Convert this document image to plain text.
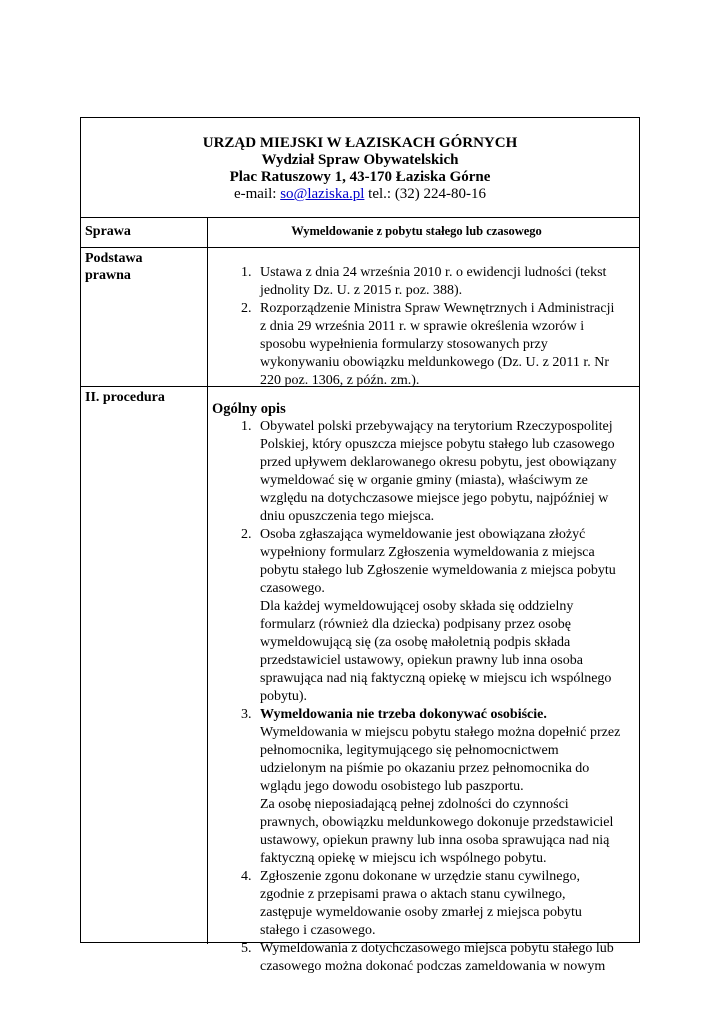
URZĄD MIEJSKI W ŁAZISKACH GÓRNYCH
Wydział Spraw Obywatelskich
Plac Ratuszowy 1, 43-170 Łaziska Górne
e-mail: so@laziska.pl tel.: (32) 224-80-16
Sprawa	Wymeldowanie z pobytu stałego lub czasowego
Podstawa
prawna
1.	Ustawa z dnia 24 września 2010 r. o ewidencji ludności (tekst jednolity Dz. U. z 2015 r. poz. 388).
2. Rozporządzenie Ministra Spraw Wewnętrznych i Administracji z dnia 29 września 2011 r. w sprawie określenia wzorów i sposobu wypełnienia formularzy stosowanych przy wykonywaniu obowiązku meldunkowego (Dz. U. z 2011 r. Nr 220 poz. 1306, z późn. zm.).
II. procedura
Ogólny opis
1. Obywatel polski przebywający na terytorium Rzeczypospolitej Polskiej, który opuszcza miejsce pobytu stałego lub czasowego przed upływem deklarowanego okresu pobytu, jest obowiązany wymeldować się w organie gminy (miasta), właściwym ze względu na dotychczasowe miejsce jego pobytu, najpóźniej w dniu opuszczenia tego miejsca.
2. Osoba zgłaszająca wymeldowanie jest obowiązana złożyć wypełniony formularz Zgłoszenia wymeldowania z miejsca pobytu stałego lub Zgłoszenie wymeldowania z miejsca pobytu czasowego.
Dla każdej wymeldowującej osoby składa się oddzielny formularz (również dla dziecka) podpisany przez osobę wymeldowującą się (za osobę małoletnią podpis składa przedstawiciel ustawowy, opiekun prawny lub inna osoba sprawująca nad nią faktyczną opiekę w miejscu ich wspólnego pobytu).
3. Wymeldowania nie trzeba dokonywać osobiście.
Wymeldowania w miejscu pobytu stałego można dopełnić przez pełnomocnika, legitymującego się pełnomocnictwem udzielonym na piśmie po okazaniu przez pełnomocnika do wglądu jego dowodu osobistego lub paszportu.
Za osobę nieposiadającą pełnej zdolności do czynności prawnych, obowiązku meldunkowego dokonuje przedstawiciel ustawowy, opiekun prawny lub inna osoba sprawująca nad nią faktyczną opiekę w miejscu ich wspólnego pobytu.
4. Zgłoszenie zgonu dokonane w urzędzie stanu cywilnego, zgodnie z przepisami prawa o aktach stanu cywilnego, zastępuje wymeldowanie osoby zmarłej z miejsca pobytu stałego i czasowego.
5. Wymeldowania z dotychczasowego miejsca pobytu stałego lub czasowego można dokonać podczas zameldowania w nowym
